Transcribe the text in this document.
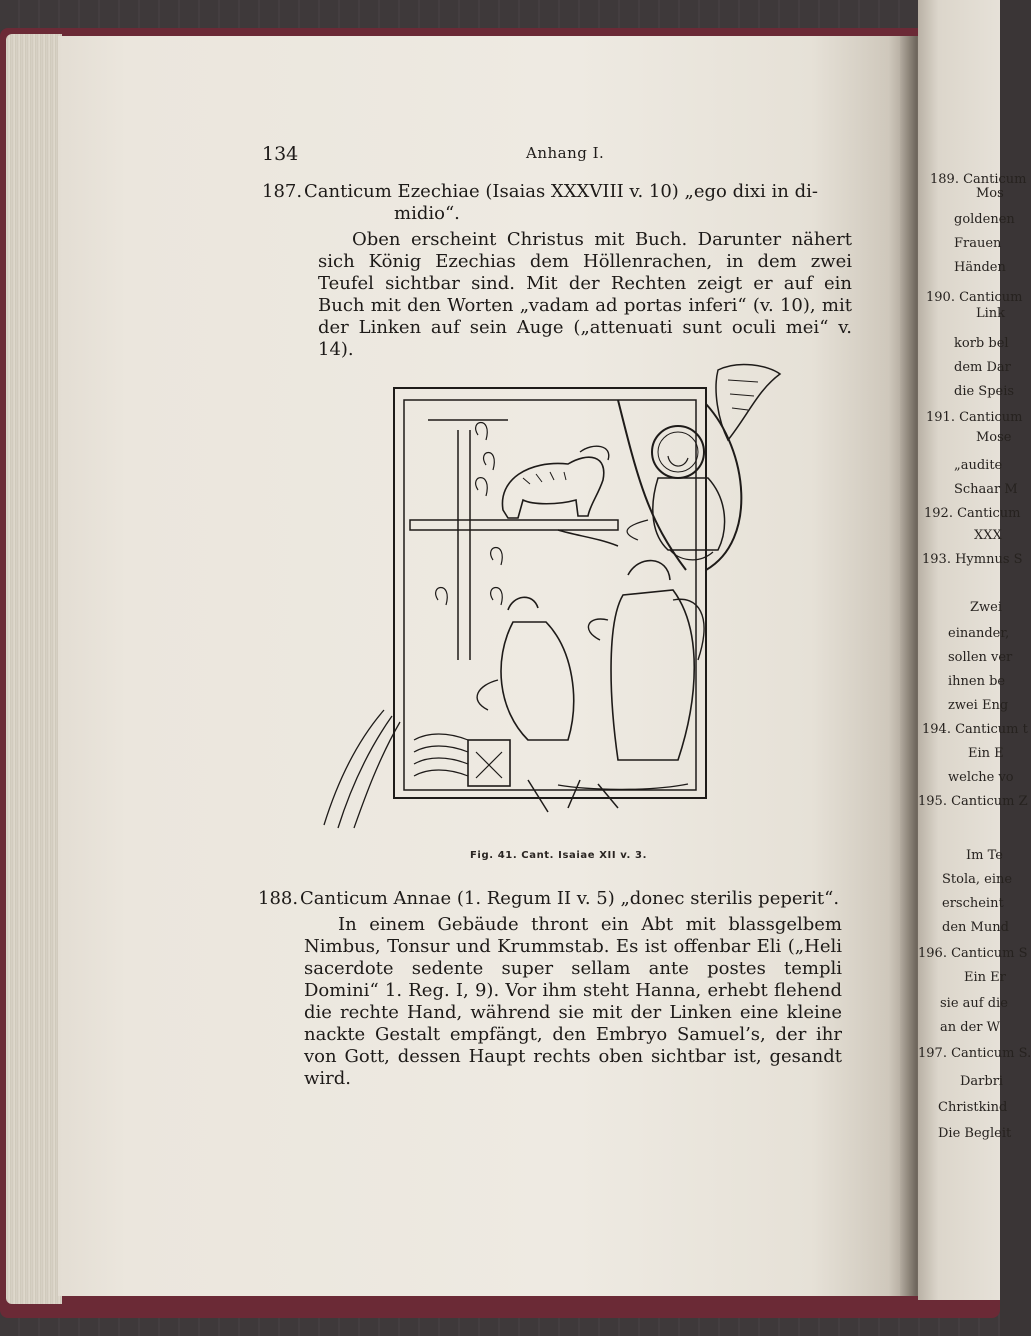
189. Canticum
Mos
goldenen
Frauen
Händen
190. Canticum
Link
korb bel
dem Dar
die Speis
191. Canticum
Mose
„audite
Schaar M
192. Canticum
XXX
193. Hymnus S
Zwei
einander,
sollen ver
ihnen be
zwei Eng
194. Canticum t
Ein E
welche vo
195. Canticum Z
Im Te
Stola, eine
erscheint
den Mund
196. Canticum S
Ein Er
sie auf die
an der W
197. Canticum S.
Darbri
Christkind
Die Begleit
134	Anhang I.
187. Canticum Ezechiae (Isaias XXXVIII v. 10) „ego dixi in di-
midio“.

Oben erscheint Christus mit Buch. Darunter nähert sich König Ezechias dem Höllenrachen, in dem zwei Teufel sichtbar sind. Mit der Rechten zeigt er auf ein Buch mit den Worten „vadam ad portas inferi“ (v. 10), mit der Linken auf sein Auge („attenuati sunt oculi mei“ v. 14).

Fig. 41. Cant. Isaiae XII v. 3.
188. Canticum Annae (1. Regum II v. 5) „donec sterilis peperit“.

In einem Gebäude thront ein Abt mit blassgelbem Nimbus, Tonsur und Krummstab. Es ist offenbar Eli („Heli sacerdote sedente super sellam ante postes templi Domini“ 1. Reg. I, 9). Vor ihm steht Hanna, erhebt flehend die rechte Hand, während sie mit der Linken eine kleine nackte Gestalt empfängt, den Embryo Samuel’s, der ihr von Gott, dessen Haupt rechts oben sichtbar ist, gesandt wird.
